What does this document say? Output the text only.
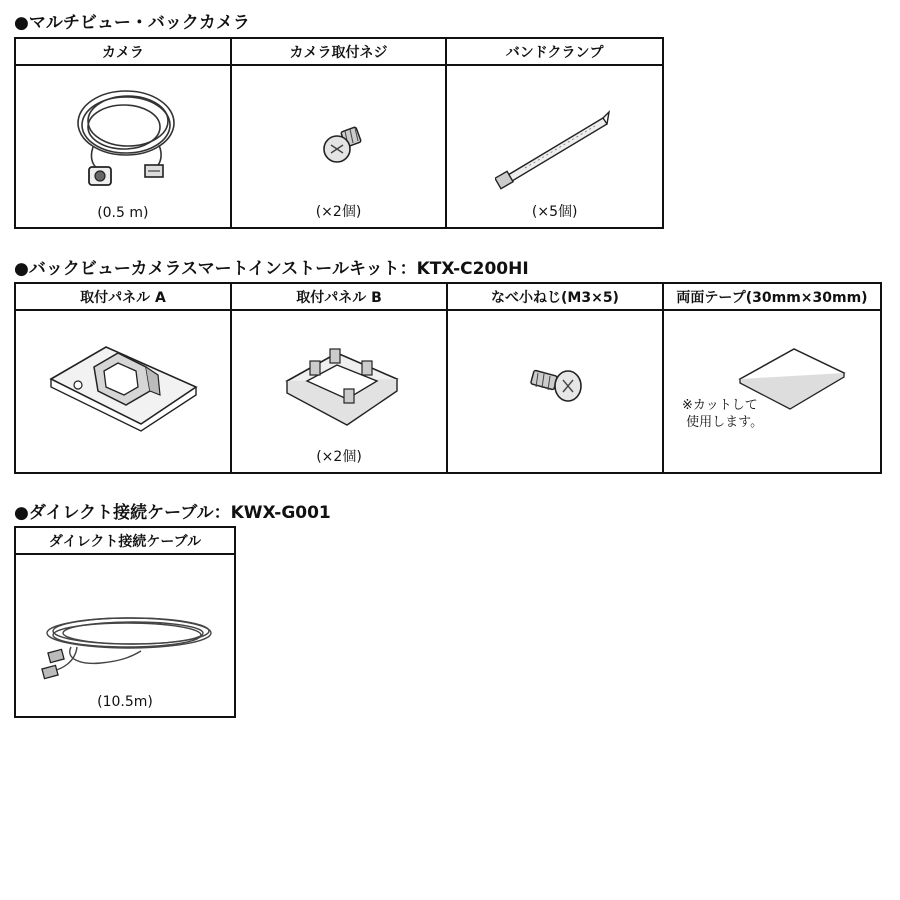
●マルチビュー・バックカメラ
カメラ
(0.5 m)
カメラ取付ネジ
(×2個)
バンドクランプ
(×5個)
●バックビューカメラスマートインストールキット：KTX-C200HI
取付パネル A	取付パネル B
(×2個)
なべ小ねじ(M3×5)	両面テープ(30mm×30mm)
※カットして
使用します。
●ダイレクト接続ケーブル：KWX-G001
ダイレクト接続ケーブル
(10.5m)
